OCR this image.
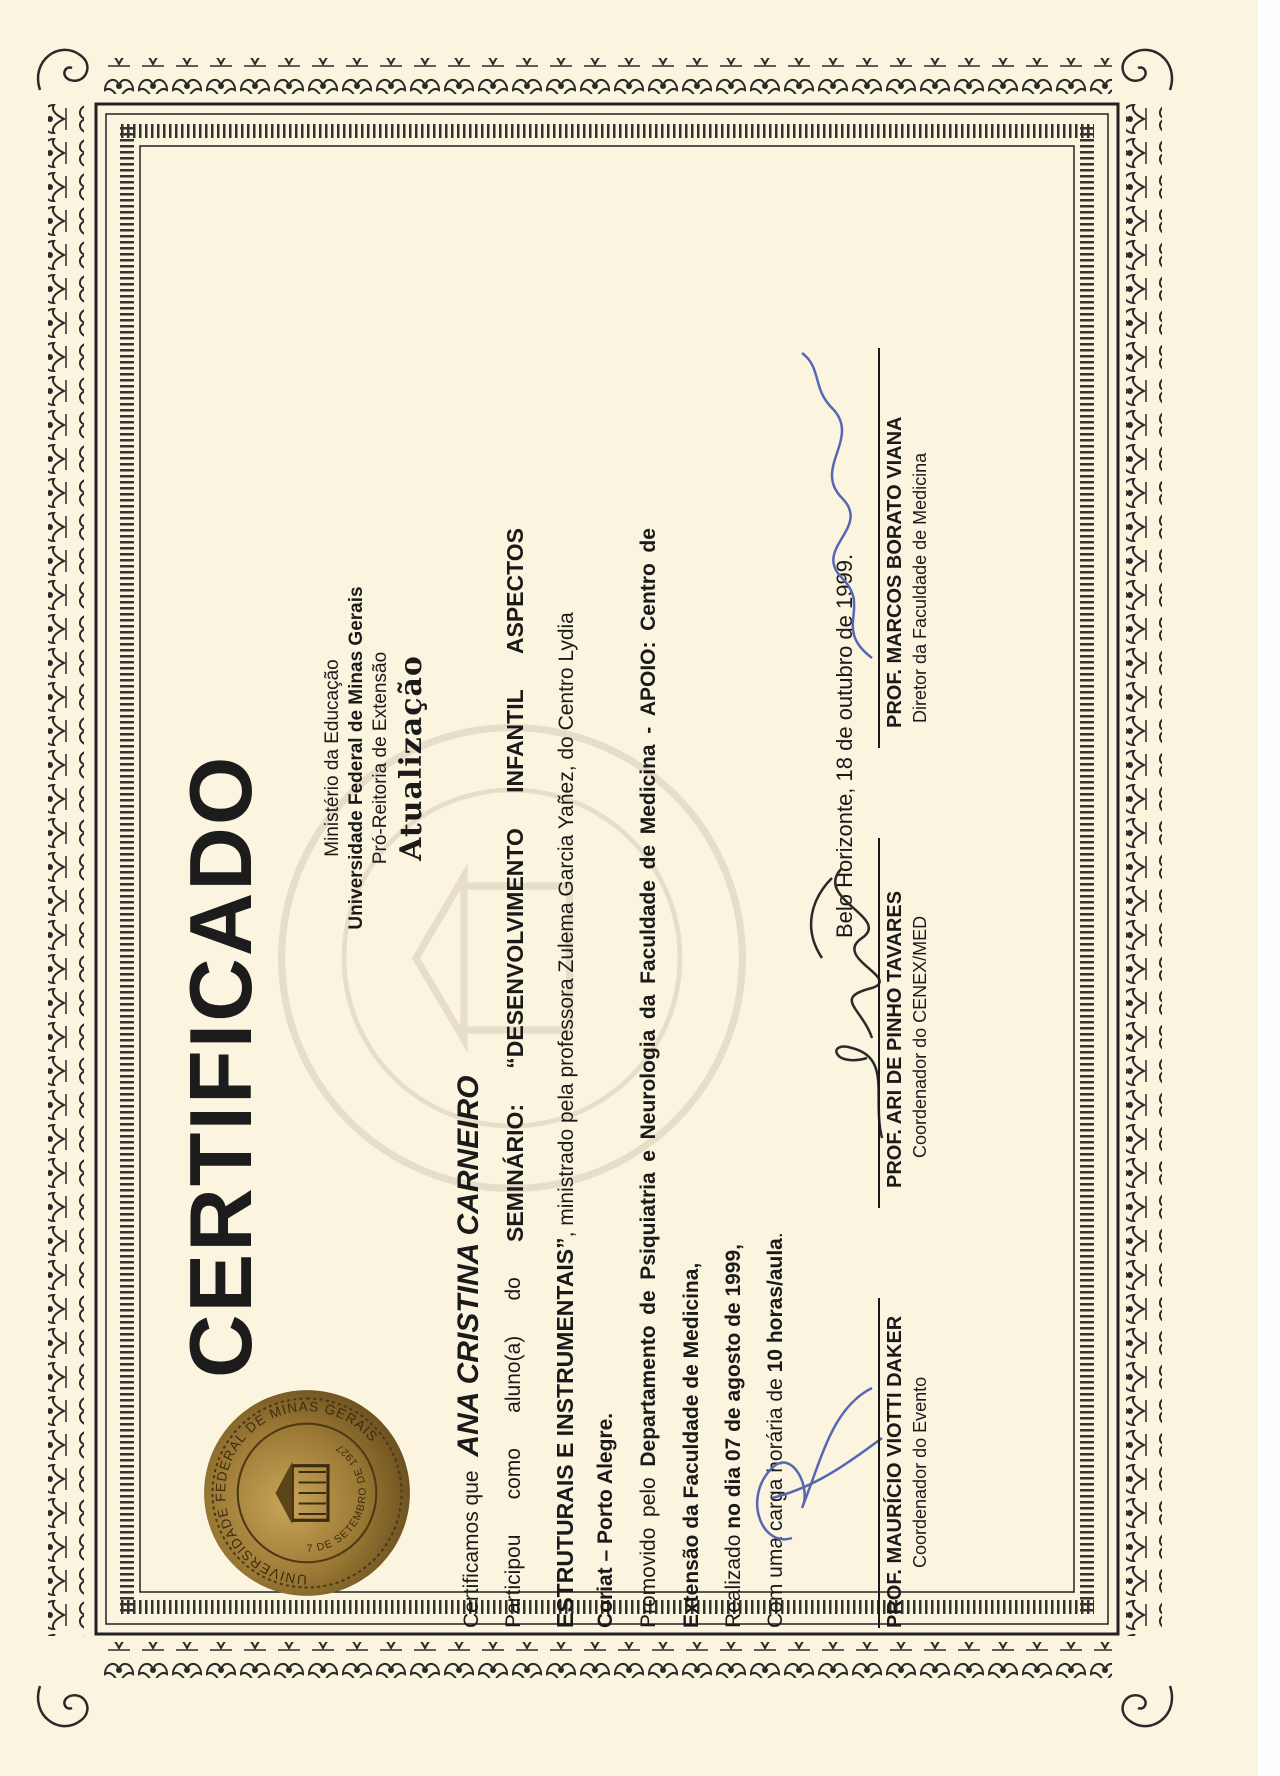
UNIVERSIDADE FEDERAL DE MINAS GERAIS
7 DE SETEMBRO DE 1927
CERTIFICADO	Ministério da Educação Universidade Federal de Minas Gerais Pró-Reitoria de Extensão Atualização
Certificamos que ANA CRISTINA CARNEIRO
Participou
como
aluno(a)
do
SEMINÁRIO:
“DESENVOLVIMENTO
INFANTIL
ASPECTOS
ESTRUTURAIS E INSTRUMENTAIS”, ministrado pela professora Zulema Garcia Yañez, do Centro Lydia
Coriat – Porto Alegre. Promovido
pelo
Departamento
de
Psiquiatria
e
Neurologia
da
Faculdade
de
Medicina
-
APOIO:
Centro
de
Extensão da Faculdade de Medicina, Realizado no dia 07 de agosto de 1999, Com uma carga horária de 10 horas/aula.
Belo Horizonte, 18 de outubro de 1999.
PROF. MAURÍCIO VIOTTI DAKER Coordenador do Evento
PROF. ARI DE PINHO TAVARES Coordenador do CENEX/MED
PROF. MARCOS BORATO VIANA Diretor da Faculdade de Medicina
